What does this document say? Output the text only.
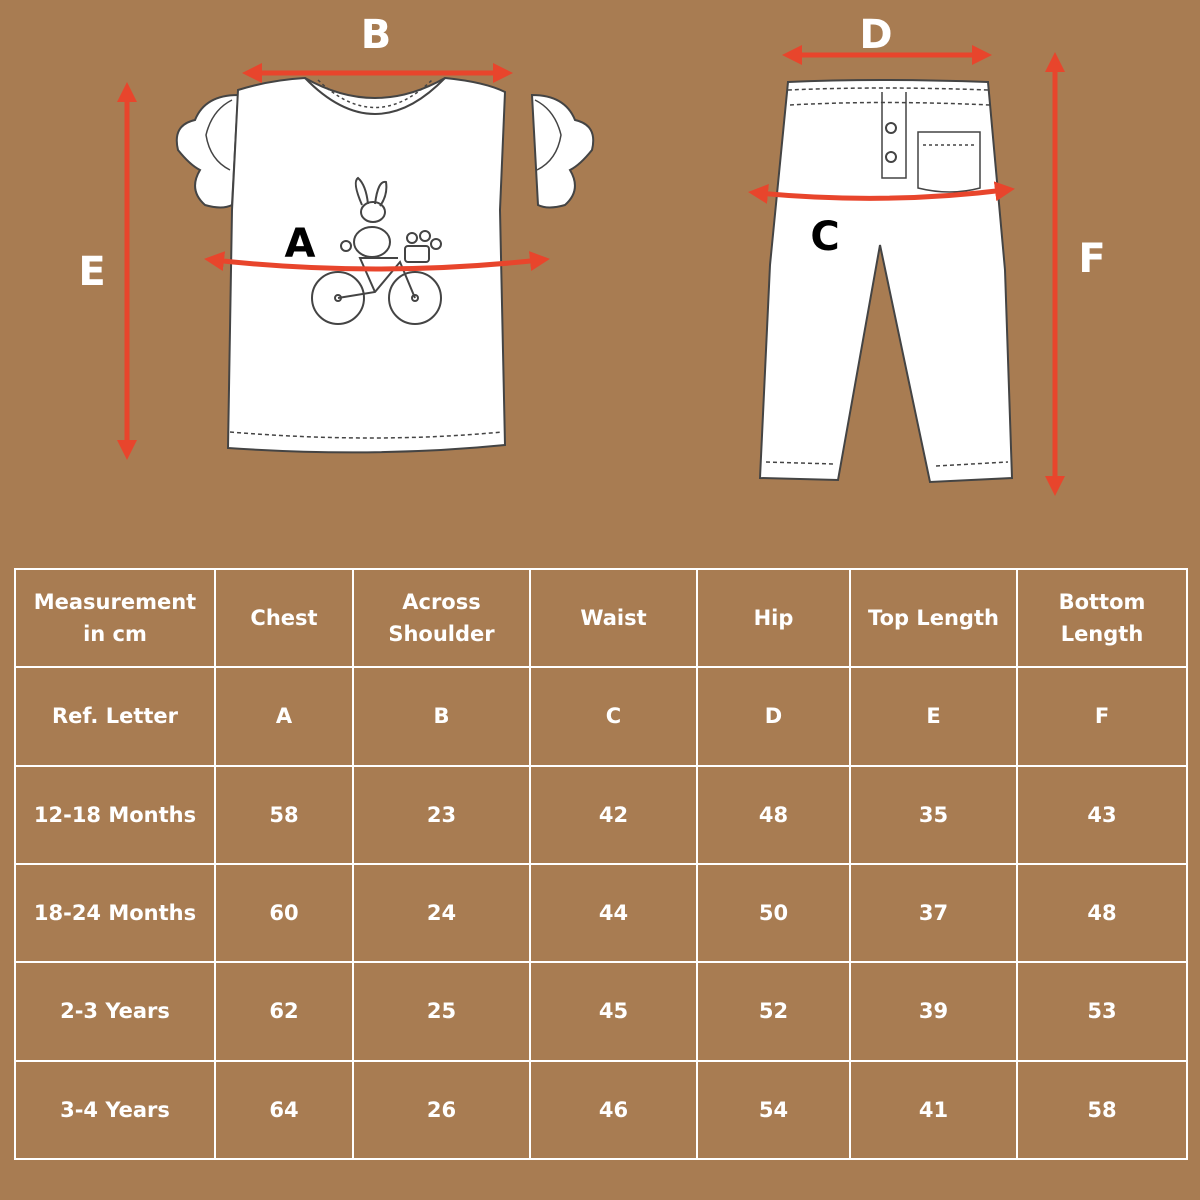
B
A
E
D
C	F
Measurement in cm	Chest	Across Shoulder	Waist	Hip	Top Length	Bottom Length
Ref. Letter	A	B	C	D	E	F
12-18 Months	58	23	42	48	35	43
18-24 Months	60	24	44	50	37	48
2-3 Years	62	25	45	52	39	53
3-4 Years	64	26	46	54	41	58
